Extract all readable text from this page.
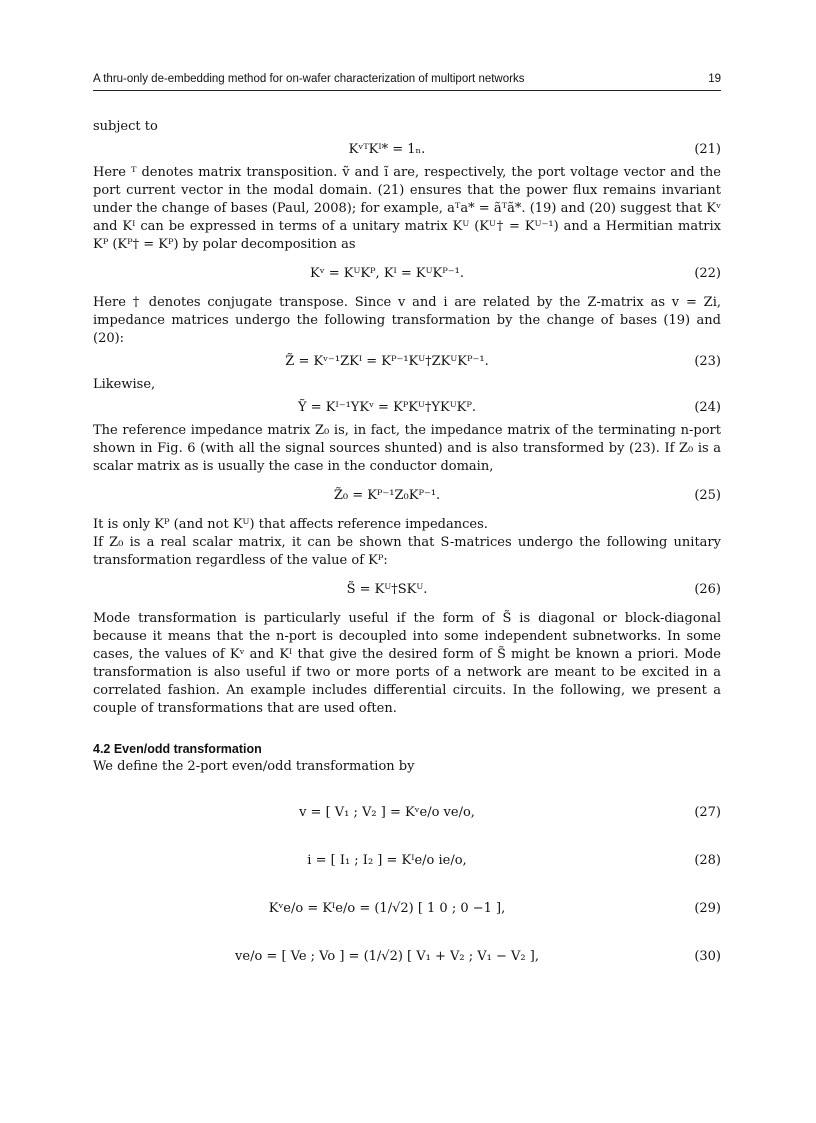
A thru-only de-embedding method for on-wafer characterization of multiport networks	19

subject to

KᵛᵀKᴵ* = 1ₙ.	(21)

Here ᵀ denotes matrix transposition. ṽ and ĩ are, respectively, the port voltage vector and the port current vector in the modal domain. (21) ensures that the power flux remains invariant under the change of bases (Paul, 2008); for example, aᵀa* = ãᵀã*. (19) and (20) suggest that Kᵛ and Kᴵ can be expressed in terms of a unitary matrix Kᵁ (Kᵁ† = Kᵁ⁻¹) and a Hermitian matrix Kᴾ (Kᴾ† = Kᴾ) by polar decomposition as

Kᵛ = KᵁKᴾ, Kᴵ = KᵁKᴾ⁻¹.	(22)

Here † denotes conjugate transpose. Since v and i are related by the Z-matrix as v = Zi, impedance matrices undergo the following transformation by the change of bases (19) and (20):

Z̃ = Kᵛ⁻¹ZKᴵ = Kᴾ⁻¹Kᵁ†ZKᵁKᴾ⁻¹.	(23)

Likewise,

Ỹ = Kᴵ⁻¹YKᵛ = KᴾKᵁ†YKᵁKᴾ.	(24)

The reference impedance matrix Z₀ is, in fact, the impedance matrix of the terminating n-port shown in Fig. 6 (with all the signal sources shunted) and is also transformed by (23). If Z₀ is a scalar matrix as is usually the case in the conductor domain,

Z̃₀ = Kᴾ⁻¹Z₀Kᴾ⁻¹.	(25)

It is only Kᴾ (and not Kᵁ) that affects reference impedances.

If Z₀ is a real scalar matrix, it can be shown that S-matrices undergo the following unitary transformation regardless of the value of Kᴾ:

S̃ = Kᵁ†SKᵁ.	(26)

Mode transformation is particularly useful if the form of S̃ is diagonal or block-diagonal because it means that the n-port is decoupled into some independent subnetworks. In some cases, the values of Kᵛ and Kᴵ that give the desired form of S̃ might be known a priori. Mode transformation is also useful if two or more ports of a network are meant to be excited in a correlated fashion. An example includes differential circuits. In the following, we present a couple of transformations that are used often.

4.2 Even/odd transformation

We define the 2-port even/odd transformation by

v = [ V₁ ; V₂ ] = Kᵛe/o ve/o,	(27)
i = [ I₁ ; I₂ ] = Kᴵe/o ie/o,	(28)
Kᵛe/o = Kᴵe/o = (1/√2) [ 1 0 ; 0 −1 ],	(29)
ve/o = [ Ve ; Vo ] = (1/√2) [ V₁ + V₂ ; V₁ − V₂ ],	(30)
